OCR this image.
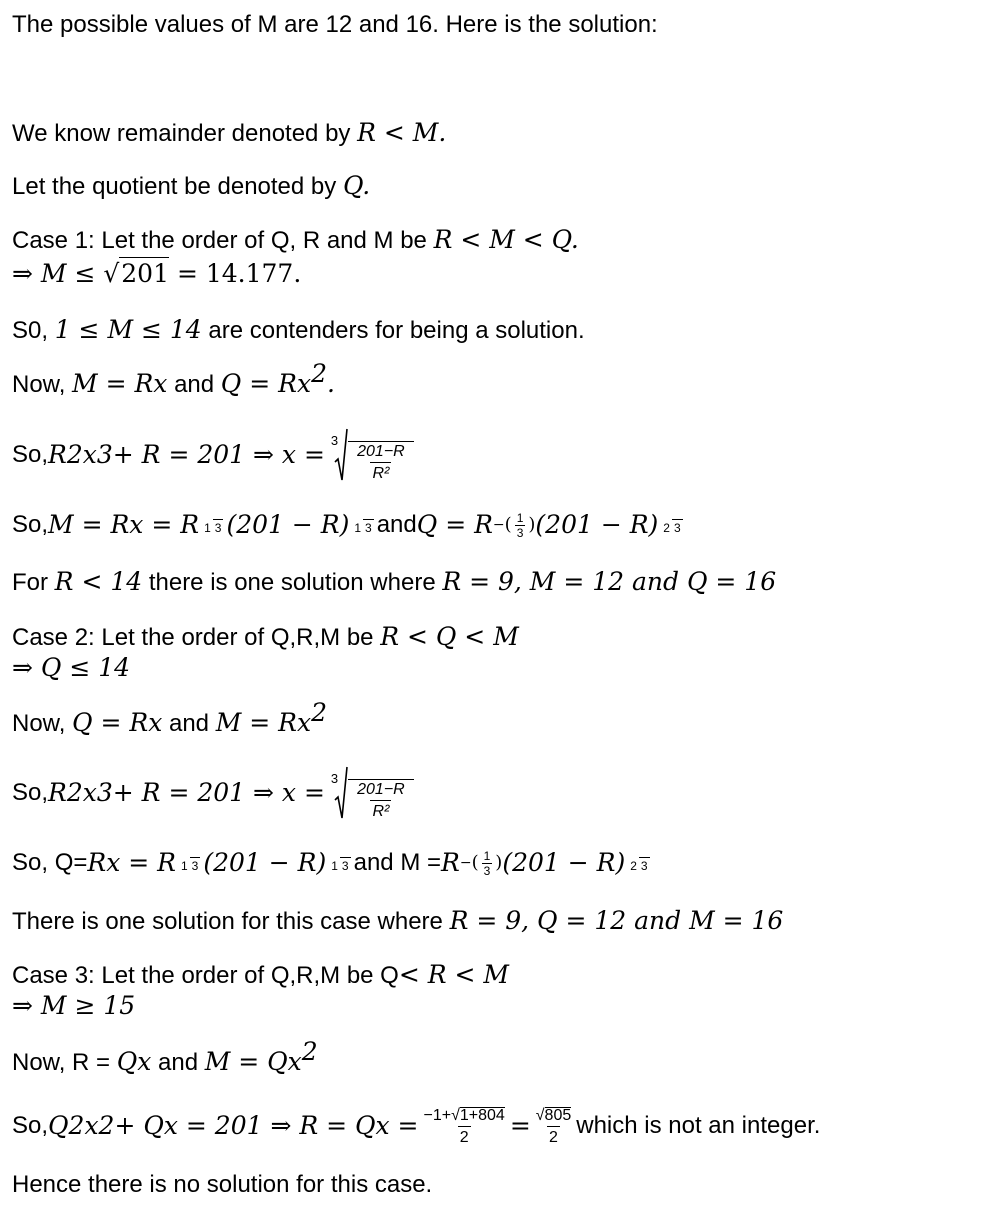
The possible values of M are 12 and 16. Here is the solution:
We know remainder denoted by R < M.
Let the quotient be denoted by Q.
Case 1: Let the order of Q, R and M be R < M < Q.
⇒ M ≤ √201 = 14.177.
S0, 1 ≤ M ≤ 14 are contenders for being a solution.
Now, M = Rx and $Q = Rx^2$.
So, R 2 x 3 + R = 201 ⇒ x = 3
$\frac{201-R}{\text{R²}}$
So, M = Rx = R 1 3 (201 − R) 1 3 and Q = R − ( $\frac{1}{3}$ ) (201 − R) 2 3
For R < 14 there is one solution where R = 9, M = 12 and Q = 16
Case 2: Let the order of Q,R,M be R < Q < M
⇒ Q ≤ 14
Now, Q = Rx and $M = Rx^2$
So, R 2 x 3 + R = 201 ⇒ x = 3
$\frac{201-R}{\text{R²}}$
So, Q= Rx = R 1 3 (201 − R) 1 3 and M = R − ( $\frac{1}{3}$ ) (201 − R) 2 3
There is one solution for this case where R = 9, Q = 12 and M = 16
Case 3: Let the order of Q,R,M be Q< R < M
⇒ M ≥ 15
Now, R = Qx and $M = Qx^2$
So, Q 2 x 2 + Qx = 201 ⇒ $R = Qx = \frac{-1+√1+804}{2} = \frac{√805}{2}$ which is not an integer.
Hence there is no solution for this case.
